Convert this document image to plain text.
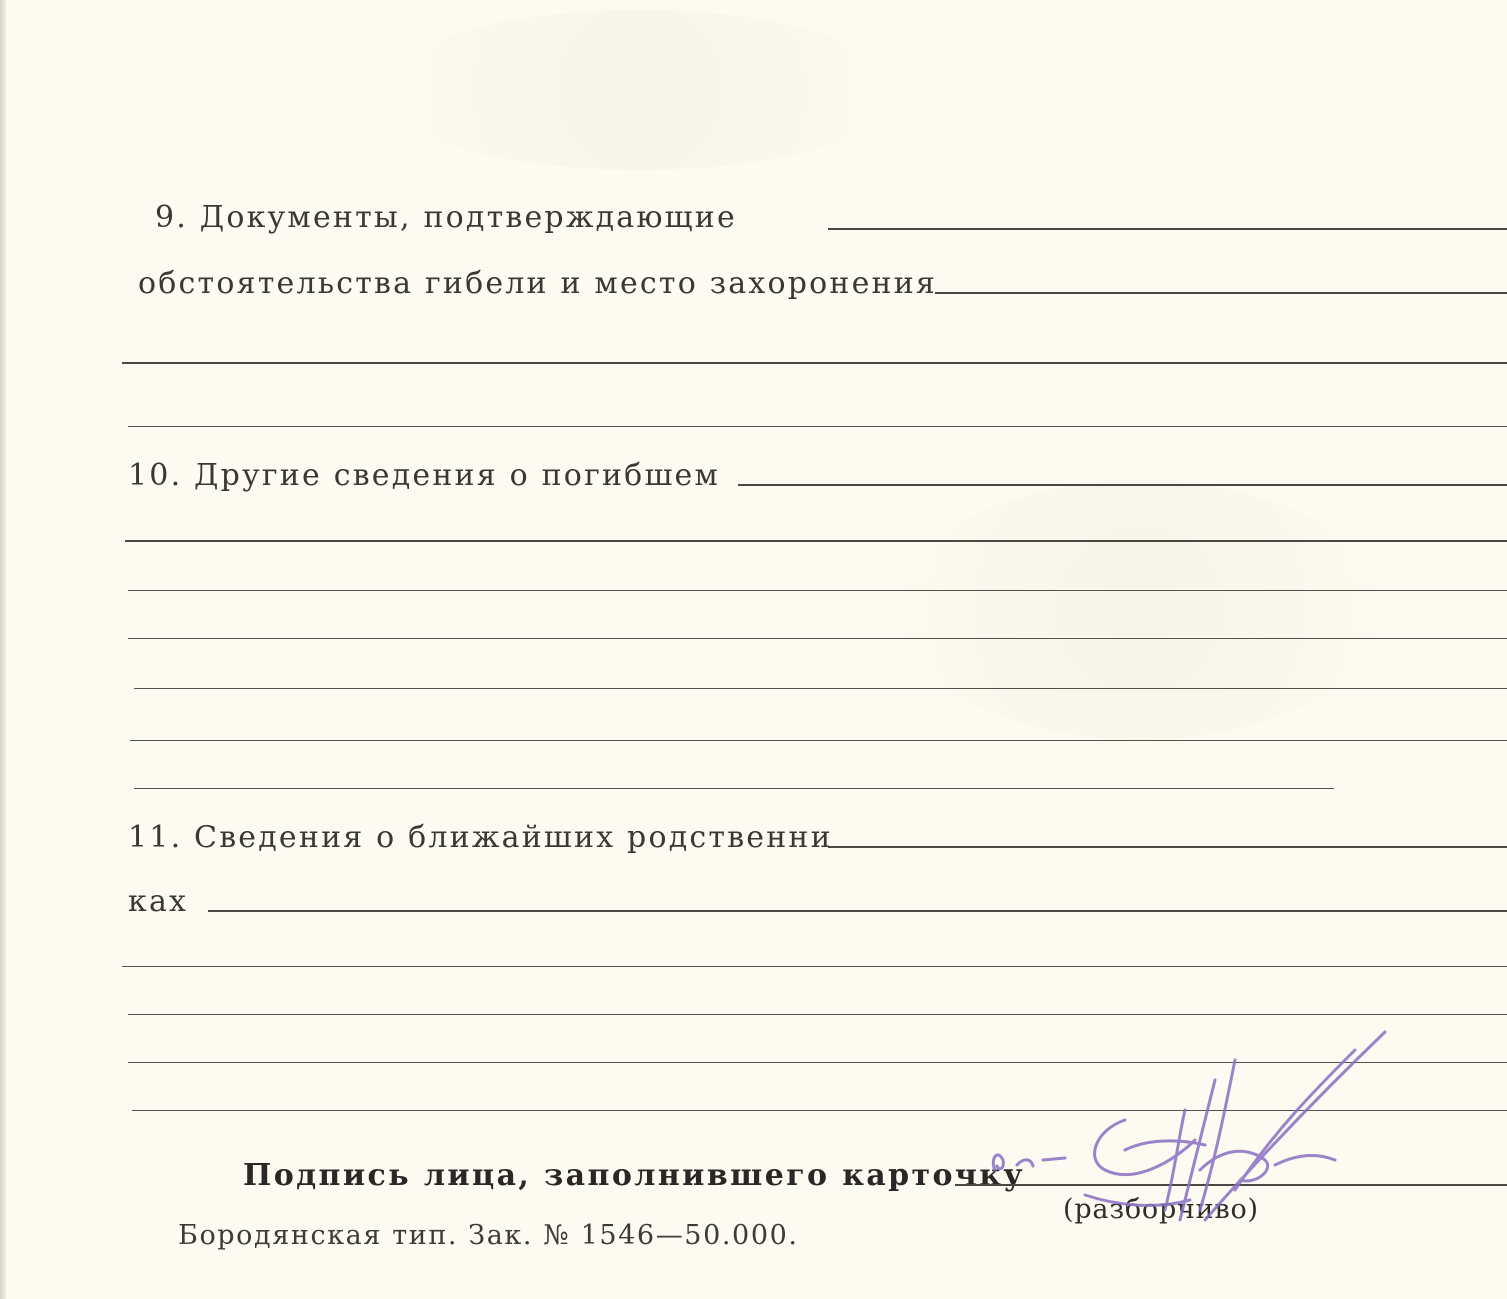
9. Документы, подтверждающие
обстоятельства гибели и место захоронения
10. Другие сведения о погибшем
11. Сведения о ближайших родственни
ках
Подпись лица, заполнившего карточку
(разборчиво)
Бородянская тип. Зак. № 1546—50.000.
